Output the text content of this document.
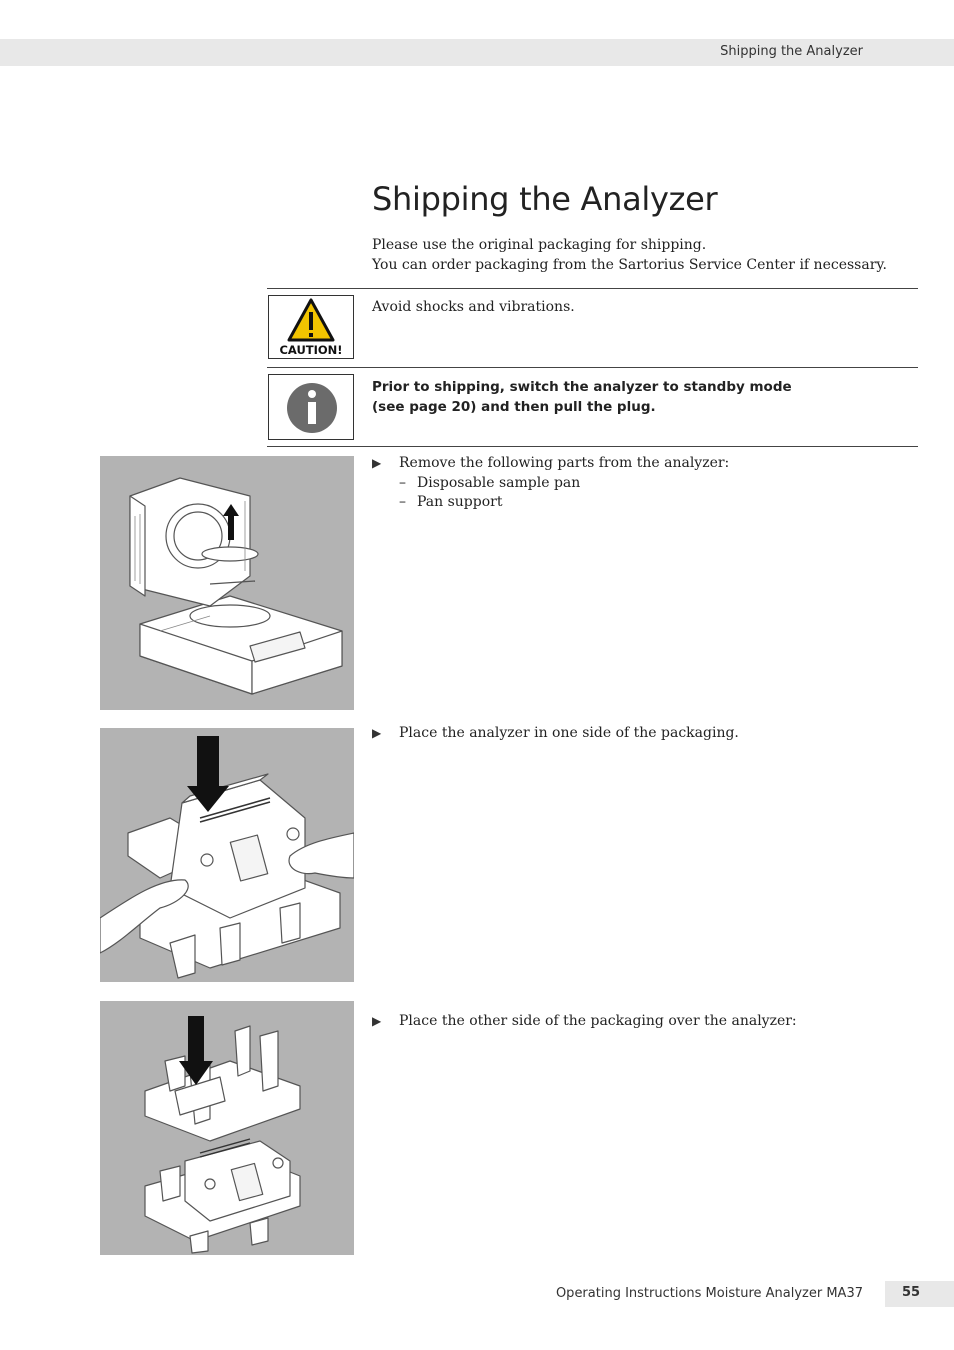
Shipping the Analyzer
Shipping the Analyzer
Please use the original packaging for shipping.
You can order packaging from the Sartorius Service Center if necessary.
CAUTION!
Avoid shocks and vibrations.
Prior to shipping, switch the analyzer to standby mode
(see page 20) and then pull the plug.
▶ Remove the following parts from the analyzer:
– Disposable sample pan
– Pan support
▶ Place the analyzer in one side of the packaging.
▶ Place the other side of the packaging over the analyzer:
Operating Instructions Moisture Analyzer MA37	55
